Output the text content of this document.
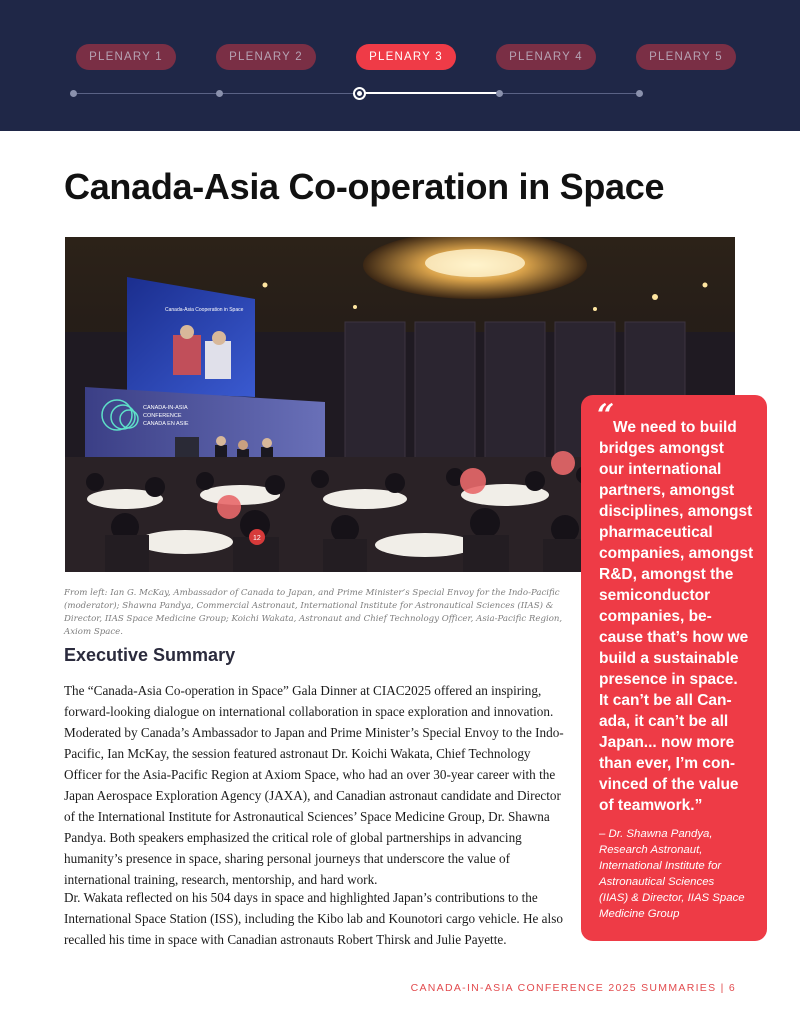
PLENARY 1	PLENARY 2	PLENARY 3	PLENARY 4	PLENARY 5
Canada-Asia Co-operation in Space
Canada-Asia Cooperation in Space
CANADA-IN-ASIA
CONFERENCE
CANADA EN ASIE
12
From left: Ian G. McKay, Ambassador of Canada to Japan, and Prime Minister’s Special Envoy for the Indo-Pacific (moderator); Shawna Pandya, Commercial Astronaut, International Institute for Astronautical Sciences (IIAS) & Director, IIAS Space Medicine Group; Koichi Wakata, Astronaut and Chief Technology Officer, Asia-Pacific Region, Axiom Space.
Executive Summary

The “Canada-Asia Co-operation in Space” Gala Dinner at CIAC2025 offered an inspiring, forward-looking dialogue on international collaboration in space exploration and innovation. Moderated by Canada’s Ambassador to Japan and Prime Minister’s Special Envoy to the Indo-Pacific, Ian McKay, the session featured astronaut Dr. Koichi Wakata, Chief Technology Officer for the Asia-Pacific Region at Axiom Space, who had an over 30-year career with the Japan Aerospace Exploration Agency (JAXA), and Canadian astronaut candidate and Director of the International Institute for Astronautical Sciences’ Space Medicine Group, Dr. Shawna Pandya. Both speakers emphasized the critical role of global partnerships in advancing humanity’s presence in space, sharing personal journeys that underscore the value of international training, research, mentorship, and hard work.

Dr. Wakata reflected on his 504 days in space and highlighted Japan’s contributions to the International Space Station (ISS), including the Kibo lab and Kounotori cargo vehicle. He also recalled his time in space with Canadian astronauts Robert Thirsk and Julie Payette.

“
We need to build
bridges amongst
our international
partners, amongst
disciplines, amongst
pharmaceutical
companies, amongst
R&D, amongst the
semiconductor
companies, be-
cause that’s how we
build a sustainable
presence in space.
It can’t be all Can-
ada, it can’t be all
Japan... now more
than ever, I’m con-
vinced of the value
of teamwork.”
– Dr. Shawna Pandya,
Research Astronaut,
International Institute for
Astronautical Sciences
(IIAS) & Director, IIAS Space
Medicine Group
CANADA-IN-ASIA CONFERENCE 2025 SUMMARIES | 6
